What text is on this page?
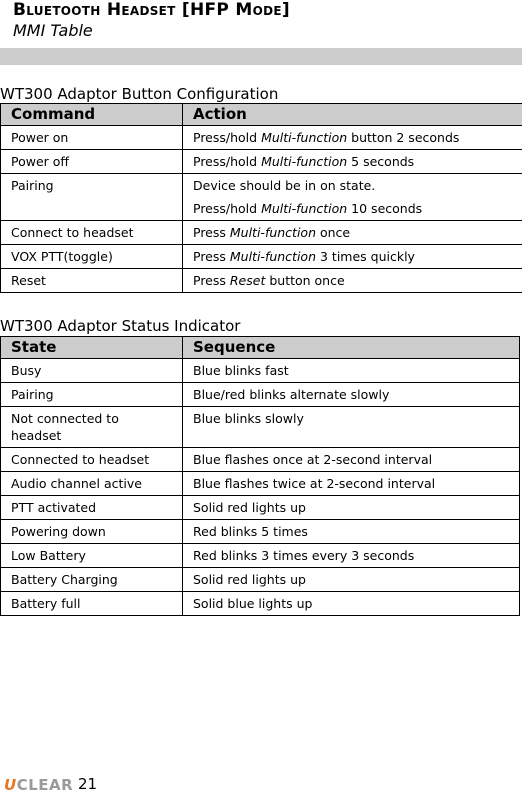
Bluetooth Headset [HFP Mode]
MMI Table
WT300 Adaptor Button Configuration
Command	Action
Power on	Press/hold Multi-function button 2 seconds

Power off	Press/hold Multi-function 5 seconds

Pairing	Device should be in on state.
Press/hold Multi-function 10 seconds

Connect to headset	Press Multi-function once

VOX PTT(toggle)	Press Multi-function 3 times quickly

Reset	Press Reset button once
WT300 Adaptor Status Indicator
State	Sequence
Busy	Blue blinks fast
Pairing	Blue/red blinks alternate slowly
Not connected to headset	Blue blinks slowly
Connected to headset	Blue flashes once at 2-second interval
Audio channel active	Blue flashes twice at 2-second interval
PTT activated	Solid red lights up
Powering down	Red blinks 5 times
Low Battery	Red blinks 3 times every 3 seconds
Battery Charging	Solid red lights up
Battery full	Solid blue lights up
UCLEAR 21
